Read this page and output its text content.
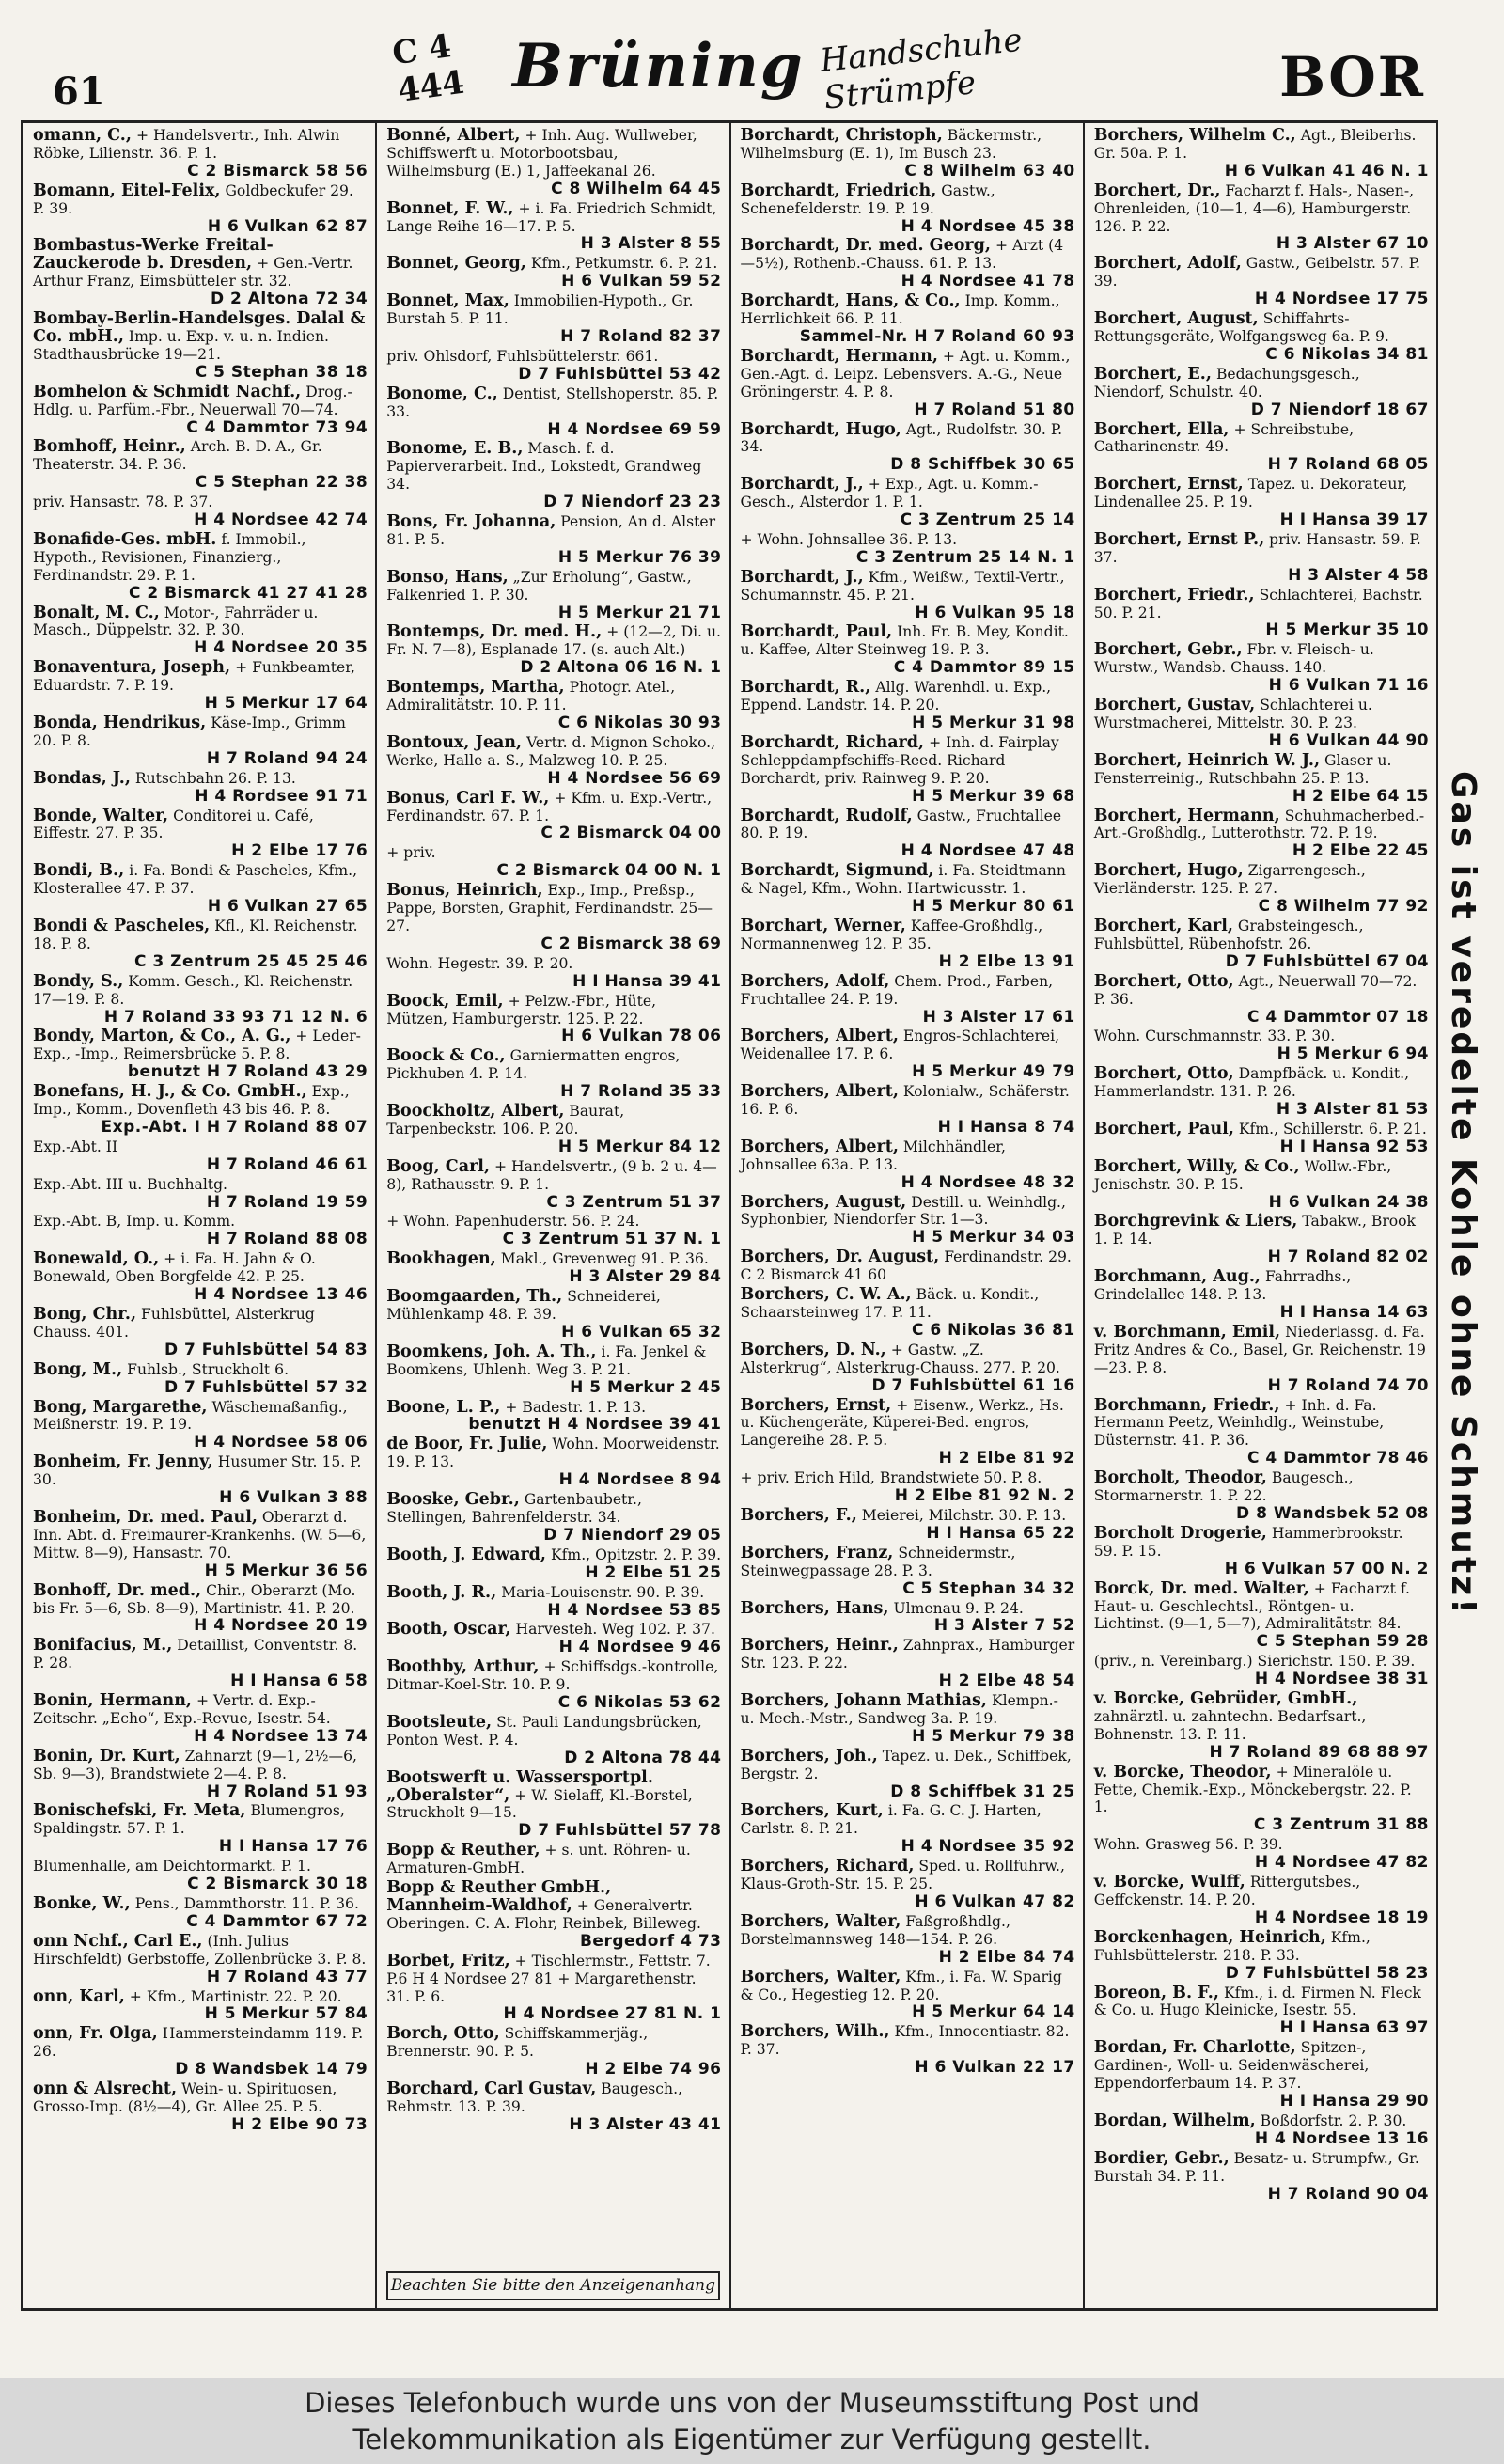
61
C 4 444 Brüning Handschuhe Strümpfe	BOR
omann, C., + Handelsvertr., Inh. Alwin Röbke, Lilienstr. 36. P. 1.
C 2 Bismarck 58 56
Bomann, Eitel-Felix, Goldbeckufer 29. P. 39.
H 6 Vulkan 62 87
Bombastus-Werke Freital-Zauckerode b. Dresden, + Gen.-Vertr. Arthur Franz, Eimsbütteler str. 32.
D 2 Altona 72 34
Bombay-Berlin-Handelsges. Dalal & Co. mbH., Imp. u. Exp. v. u. n. Indien. Stadthausbrücke 19—21.
C 5 Stephan 38 18
Bomhelon & Schmidt Nachf., Drog.-Hdlg. u. Parfüm.-Fbr., Neuerwall 70—74.
C 4 Dammtor 73 94
Bomhoff, Heinr., Arch. B. D. A., Gr. Theaterstr. 34. P. 36.
C 5 Stephan 22 38
priv. Hansastr. 78. P. 37.
H 4 Nordsee 42 74
Bonafide-Ges. mbH. f. Immobil., Hypoth., Revisionen, Finanzierg., Ferdinandstr. 29. P. 1.
C 2 Bismarck 41 27 41 28
Bonalt, M. C., Motor-, Fahrräder u. Masch., Düppelstr. 32. P. 30.
H 4 Nordsee 20 35
Bonaventura, Joseph, + Funkbeamter, Eduardstr. 7. P. 19.
H 5 Merkur 17 64
Bonda, Hendrikus, Käse-Imp., Grimm 20. P. 8.
H 7 Roland 94 24
Bondas, J., Rutschbahn 26. P. 13.
H 4 Rordsee 91 71
Bonde, Walter, Conditorei u. Café, Eiffestr. 27. P. 35.
H 2 Elbe 17 76
Bondi, B., i. Fa. Bondi & Pascheles, Kfm., Klosterallee 47. P. 37.
H 6 Vulkan 27 65
Bondi & Pascheles, Kfl., Kl. Reichenstr. 18. P. 8.
C 3 Zentrum 25 45 25 46
Bondy, S., Komm. Gesch., Kl. Reichenstr. 17—19. P. 8.
H 7 Roland 33 93 71 12 N. 6
Bondy, Marton, & Co., A. G., + Leder-Exp., -Imp., Reimersbrücke 5. P. 8.
benutzt H 7 Roland 43 29
Bonefans, H. J., & Co. GmbH., Exp., Imp., Komm., Dovenfleth 43 bis 46. P. 8.
Exp.-Abt. I H 7 Roland 88 07
Exp.-Abt. II
H 7 Roland 46 61
Exp.-Abt. III u. Buchhaltg.
H 7 Roland 19 59
Exp.-Abt. B, Imp. u. Komm.
H 7 Roland 88 08
Bonewald, O., + i. Fa. H. Jahn & O. Bonewald, Oben Borgfelde 42. P. 25.
H 4 Nordsee 13 46
Bong, Chr., Fuhlsbüttel, Alsterkrug Chauss. 401.
D 7 Fuhlsbüttel 54 83
Bong, M., Fuhlsb., Struckholt 6.
D 7 Fuhlsbüttel 57 32
Bong, Margarethe, Wäschemaßanfig., Meißnerstr. 19. P. 19.
H 4 Nordsee 58 06
Bonheim, Fr. Jenny, Husumer Str. 15. P. 30.
H 6 Vulkan 3 88
Bonheim, Dr. med. Paul, Oberarzt d. Inn. Abt. d. Freimaurer-Krankenhs. (W. 5—6, Mittw. 8—9), Hansastr. 70.
H 5 Merkur 36 56
Bonhoff, Dr. med., Chir., Oberarzt (Mo. bis Fr. 5—6, Sb. 8—9), Martinistr. 41. P. 20.
H 4 Nordsee 20 19
Bonifacius, M., Detaillist, Conventstr. 8. P. 28.
H I Hansa 6 58
Bonin, Hermann, + Vertr. d. Exp.-Zeitschr. „Echo“, Exp.-Revue, Isestr. 54.
H 4 Nordsee 13 74
Bonin, Dr. Kurt, Zahnarzt (9—1, 2½—6, Sb. 9—3), Brandstwiete 2—4. P. 8.
H 7 Roland 51 93
Bonischefski, Fr. Meta, Blumengros, Spaldingstr. 57. P. 1.
H I Hansa 17 76
Blumenhalle, am Deichtormarkt. P. 1.
C 2 Bismarck 30 18
Bonke, W., Pens., Dammthorstr. 11. P. 36.
C 4 Dammtor 67 72
onn Nchf., Carl E., (Inh. Julius Hirschfeldt) Gerbstoffe, Zollenbrücke 3. P. 8.
H 7 Roland 43 77
onn, Karl, + Kfm., Martinistr. 22. P. 20.
H 5 Merkur 57 84
onn, Fr. Olga, Hammersteindamm 119. P. 26.
D 8 Wandsbek 14 79
onn & Alsrecht, Wein- u. Spirituosen, Grosso-Imp. (8½—4), Gr. Allee 25. P. 5.
H 2 Elbe 90 73
Bonné, Albert, + Inh. Aug. Wullweber, Schiffswerft u. Motorbootsbau, Wilhelmsburg (E.) 1, Jaffeekanal 26.
C 8 Wilhelm 64 45
Bonnet, F. W., + i. Fa. Friedrich Schmidt, Lange Reihe 16—17. P. 5.
H 3 Alster 8 55
Bonnet, Georg, Kfm., Petkumstr. 6. P. 21.
H 6 Vulkan 59 52
Bonnet, Max, Immobilien-Hypoth., Gr. Burstah 5. P. 11.
H 7 Roland 82 37
priv. Ohlsdorf, Fuhlsbüttelerstr. 661.
D 7 Fuhlsbüttel 53 42
Bonome, C., Dentist, Stellshoperstr. 85. P. 33.
H 4 Nordsee 69 59
Bonome, E. B., Masch. f. d. Papierverarbeit. Ind., Lokstedt, Grandweg 34.
D 7 Niendorf 23 23
Bons, Fr. Johanna, Pension, An d. Alster 81. P. 5.
H 5 Merkur 76 39
Bonso, Hans, „Zur Erholung“, Gastw., Falkenried 1. P. 30.
H 5 Merkur 21 71
Bontemps, Dr. med. H., + (12—2, Di. u. Fr. N. 7—8), Esplanade 17. (s. auch Alt.)
D 2 Altona 06 16 N. 1
Bontemps, Martha, Photogr. Atel., Admiralitätstr. 10. P. 11.
C 6 Nikolas 30 93
Bontoux, Jean, Vertr. d. Mignon Schoko., Werke, Halle a. S., Malzweg 10. P. 25.
H 4 Nordsee 56 69
Bonus, Carl F. W., + Kfm. u. Exp.-Vertr., Ferdinandstr. 67. P. 1.
C 2 Bismarck 04 00
+ priv.
C 2 Bismarck 04 00 N. 1
Bonus, Heinrich, Exp., Imp., Preßsp., Pappe, Borsten, Graphit, Ferdinandstr. 25—27.
C 2 Bismarck 38 69
Wohn. Hegestr. 39. P. 20.
H I Hansa 39 41
Boock, Emil, + Pelzw.-Fbr., Hüte, Mützen, Hamburgerstr. 125. P. 22.
H 6 Vulkan 78 06
Boock & Co., Garniermatten engros, Pickhuben 4. P. 14.
H 7 Roland 35 33
Boockholtz, Albert, Baurat, Tarpenbeckstr. 106. P. 20.
H 5 Merkur 84 12
Boog, Carl, + Handelsvertr., (9 b. 2 u. 4—8), Rathausstr. 9. P. 1.
C 3 Zentrum 51 37
+ Wohn. Papenhuderstr. 56. P. 24.
C 3 Zentrum 51 37 N. 1
Bookhagen, Makl., Grevenweg 91. P. 36.
H 3 Alster 29 84
Boomgaarden, Th., Schneiderei, Mühlenkamp 48. P. 39.
H 6 Vulkan 65 32
Boomkens, Joh. A. Th., i. Fa. Jenkel & Boomkens, Uhlenh. Weg 3. P. 21.
H 5 Merkur 2 45
Boone, L. P., + Badestr. 1. P. 13.
benutzt H 4 Nordsee 39 41
de Boor, Fr. Julie, Wohn. Moorweidenstr. 19. P. 13.
H 4 Nordsee 8 94
Booske, Gebr., Gartenbaubetr., Stellingen, Bahrenfelderstr. 34.
D 7 Niendorf 29 05
Booth, J. Edward, Kfm., Opitzstr. 2. P. 39.
H 2 Elbe 51 25
Booth, J. R., Maria-Louisenstr. 90. P. 39.
H 4 Nordsee 53 85
Booth, Oscar, Harvesteh. Weg 102. P. 37.
H 4 Nordsee 9 46
Boothby, Arthur, + Schiffsdgs.-kontrolle, Ditmar-Koel-Str. 10. P. 9.
C 6 Nikolas 53 62
Bootsleute, St. Pauli Landungsbrücken, Ponton West. P. 4.
D 2 Altona 78 44
Bootswerft u. Wassersportpl. „Oberalster“, + W. Sielaff, Kl.-Borstel, Struckholt 9—15.
D 7 Fuhlsbüttel 57 78
Bopp & Reuther, + s. unt. Röhren- u. Armaturen-GmbH.
Bopp & Reuther GmbH., Mannheim-Waldhof, + Generalvertr. Oberingen. C. A. Flohr, Reinbek, Billeweg.
Bergedorf 4 73
Borbet, Fritz, + Tischlermstr., Fettstr. 7. P.6 H 4 Nordsee 27 81 + Margarethenstr. 31. P. 6.
H 4 Nordsee 27 81 N. 1
Borch, Otto, Schiffskammerjäg., Brennerstr. 90. P. 5.
H 2 Elbe 74 96
Borchard, Carl Gustav, Baugesch., Rehmstr. 13. P. 39.
H 3 Alster 43 41
Beachten Sie bitte den Anzeigenanhang
Borchardt, Christoph, Bäckermstr., Wilhelmsburg (E. 1), Im Busch 23.
C 8 Wilhelm 63 40
Borchardt, Friedrich, Gastw., Schenefelderstr. 19. P. 19.
H 4 Nordsee 45 38
Borchardt, Dr. med. Georg, + Arzt (4—5½), Rothenb.-Chauss. 61. P. 13.
H 4 Nordsee 41 78
Borchardt, Hans, & Co., Imp. Komm., Herrlichkeit 66. P. 11.
Sammel-Nr. H 7 Roland 60 93
Borchardt, Hermann, + Agt. u. Komm., Gen.-Agt. d. Leipz. Lebensvers. A.-G., Neue Gröningerstr. 4. P. 8.
H 7 Roland 51 80
Borchardt, Hugo, Agt., Rudolfstr. 30. P. 34.
D 8 Schiffbek 30 65
Borchardt, J., + Exp., Agt. u. Komm.-Gesch., Alsterdor 1. P. 1.
C 3 Zentrum 25 14
+ Wohn. Johnsallee 36. P. 13.
C 3 Zentrum 25 14 N. 1
Borchardt, J., Kfm., Weißw., Textil-Vertr., Schumannstr. 45. P. 21.
H 6 Vulkan 95 18
Borchardt, Paul, Inh. Fr. B. Mey, Kondit. u. Kaffee, Alter Steinweg 19. P. 3.
C 4 Dammtor 89 15
Borchardt, R., Allg. Warenhdl. u. Exp., Eppend. Landstr. 14. P. 20.
H 5 Merkur 31 98
Borchardt, Richard, + Inh. d. Fairplay Schleppdampfschiffs-Reed. Richard Borchardt, priv. Rainweg 9. P. 20.
H 5 Merkur 39 68
Borchardt, Rudolf, Gastw., Fruchtallee 80. P. 19.
H 4 Nordsee 47 48
Borchardt, Sigmund, i. Fa. Steidtmann & Nagel, Kfm., Wohn. Hartwicusstr. 1.
H 5 Merkur 80 61
Borchart, Werner, Kaffee-Großhdlg., Normannenweg 12. P. 35.
H 2 Elbe 13 91
Borchers, Adolf, Chem. Prod., Farben, Fruchtallee 24. P. 19.
H 3 Alster 17 61
Borchers, Albert, Engros-Schlachterei, Weidenallee 17. P. 6.
H 5 Merkur 49 79
Borchers, Albert, Kolonialw., Schäferstr. 16. P. 6.
H I Hansa 8 74
Borchers, Albert, Milchhändler, Johnsallee 63a. P. 13.
H 4 Nordsee 48 32
Borchers, August, Destill. u. Weinhdlg., Syphonbier, Niendorfer Str. 1—3.
H 5 Merkur 34 03
Borchers, Dr. August, Ferdinandstr. 29. C 2 Bismarck 41 60
Borchers, C. W. A., Bäck. u. Kondit., Schaarsteinweg 17. P. 11.
C 6 Nikolas 36 81
Borchers, D. N., + Gastw. „Z. Alsterkrug“, Alsterkrug-Chauss. 277. P. 20.
D 7 Fuhlsbüttel 61 16
Borchers, Ernst, + Eisenw., Werkz., Hs. u. Küchengeräte, Küperei-Bed. engros, Langereihe 28. P. 5.
H 2 Elbe 81 92
+ priv. Erich Hild, Brandstwiete 50. P. 8.
H 2 Elbe 81 92 N. 2
Borchers, F., Meierei, Milchstr. 30. P. 13.
H I Hansa 65 22
Borchers, Franz, Schneidermstr., Steinwegpassage 28. P. 3.
C 5 Stephan 34 32
Borchers, Hans, Ulmenau 9. P. 24.
H 3 Alster 7 52
Borchers, Heinr., Zahnprax., Hamburger Str. 123. P. 22.
H 2 Elbe 48 54
Borchers, Johann Mathias, Klempn.- u. Mech.-Mstr., Sandweg 3a. P. 19.
H 5 Merkur 79 38
Borchers, Joh., Tapez. u. Dek., Schiffbek, Bergstr. 2.
D 8 Schiffbek 31 25
Borchers, Kurt, i. Fa. G. C. J. Harten, Carlstr. 8. P. 21.
H 4 Nordsee 35 92
Borchers, Richard, Sped. u. Rollfuhrw., Klaus-Groth-Str. 15. P. 25.
H 6 Vulkan 47 82
Borchers, Walter, Faßgroßhdlg., Borstelmannsweg 148—154. P. 26.
H 2 Elbe 84 74
Borchers, Walter, Kfm., i. Fa. W. Sparig & Co., Hegestieg 12. P. 20.
H 5 Merkur 64 14
Borchers, Wilh., Kfm., Innocentiastr. 82. P. 37.
H 6 Vulkan 22 17
Borchers, Wilhelm C., Agt., Bleiberhs. Gr. 50a. P. 1.
H 6 Vulkan 41 46 N. 1
Borchert, Dr., Facharzt f. Hals-, Nasen-, Ohrenleiden, (10—1, 4—6), Hamburgerstr. 126. P. 22.
H 3 Alster 67 10
Borchert, Adolf, Gastw., Geibelstr. 57. P. 39.
H 4 Nordsee 17 75
Borchert, August, Schiffahrts-Rettungsgeräte, Wolfgangsweg 6a. P. 9.
C 6 Nikolas 34 81
Borchert, E., Bedachungsgesch., Niendorf, Schulstr. 40.
D 7 Niendorf 18 67
Borchert, Ella, + Schreibstube, Catharinenstr. 49.
H 7 Roland 68 05
Borchert, Ernst, Tapez. u. Dekorateur, Lindenallee 25. P. 19.
H I Hansa 39 17
Borchert, Ernst P., priv. Hansastr. 59. P. 37.
H 3 Alster 4 58
Borchert, Friedr., Schlachterei, Bachstr. 50. P. 21.
H 5 Merkur 35 10
Borchert, Gebr., Fbr. v. Fleisch- u. Wurstw., Wandsb. Chauss. 140.
H 6 Vulkan 71 16
Borchert, Gustav, Schlachterei u. Wurstmacherei, Mittelstr. 30. P. 23.
H 6 Vulkan 44 90
Borchert, Heinrich W. J., Glaser u. Fensterreinig., Rutschbahn 25. P. 13.
H 2 Elbe 64 15
Borchert, Hermann, Schuhmacherbed.-Art.-Großhdlg., Lutterothstr. 72. P. 19.
H 2 Elbe 22 45
Borchert, Hugo, Zigarrengesch., Vierländerstr. 125. P. 27.
C 8 Wilhelm 77 92
Borchert, Karl, Grabsteingesch., Fuhlsbüttel, Rübenhofstr. 26.
D 7 Fuhlsbüttel 67 04
Borchert, Otto, Agt., Neuerwall 70—72. P. 36.
C 4 Dammtor 07 18
Wohn. Curschmannstr. 33. P. 30.
H 5 Merkur 6 94
Borchert, Otto, Dampfbäck. u. Kondit., Hammerlandstr. 131. P. 26.
H 3 Alster 81 53
Borchert, Paul, Kfm., Schillerstr. 6. P. 21.
H I Hansa 92 53
Borchert, Willy, & Co., Wollw.-Fbr., Jenischstr. 30. P. 15.
H 6 Vulkan 24 38
Borchgrevink & Liers, Tabakw., Brook 1. P. 14.
H 7 Roland 82 02
Borchmann, Aug., Fahrradhs., Grindelallee 148. P. 13.
H I Hansa 14 63
v. Borchmann, Emil, Niederlassg. d. Fa. Fritz Andres & Co., Basel, Gr. Reichenstr. 19—23. P. 8.
H 7 Roland 74 70
Borchmann, Friedr., + Inh. d. Fa. Hermann Peetz, Weinhdlg., Weinstube, Düsternstr. 41. P. 36.
C 4 Dammtor 78 46
Borcholt, Theodor, Baugesch., Stormarnerstr. 1. P. 22.
D 8 Wandsbek 52 08
Borcholt Drogerie, Hammerbrookstr. 59. P. 15.
H 6 Vulkan 57 00 N. 2
Borck, Dr. med. Walter, + Facharzt f. Haut- u. Geschlechtsl., Röntgen- u. Lichtinst. (9—1, 5—7), Admiralitätstr. 84.
C 5 Stephan 59 28
(priv., n. Vereinbarg.) Sierichstr. 150. P. 39.
H 4 Nordsee 38 31
v. Borcke, Gebrüder, GmbH., zahnärztl. u. zahntechn. Bedarfsart., Bohnenstr. 13. P. 11.
H 7 Roland 89 68 88 97
v. Borcke, Theodor, + Mineralöle u. Fette, Chemik.-Exp., Mönckebergstr. 22. P. 1.
C 3 Zentrum 31 88
Wohn. Grasweg 56. P. 39.
H 4 Nordsee 47 82
v. Borcke, Wulff, Rittergutsbes., Geffckenstr. 14. P. 20.
H 4 Nordsee 18 19
Borckenhagen, Heinrich, Kfm., Fuhlsbüttelerstr. 218. P. 33.
D 7 Fuhlsbüttel 58 23
Boreon, B. F., Kfm., i. d. Firmen N. Fleck & Co. u. Hugo Kleinicke, Isestr. 55.
H I Hansa 63 97
Bordan, Fr. Charlotte, Spitzen-, Gardinen-, Woll- u. Seidenwäscherei, Eppendorferbaum 14. P. 37.
H I Hansa 29 90
Bordan, Wilhelm, Boßdorfstr. 2. P. 30.
H 4 Nordsee 13 16
Bordier, Gebr., Besatz- u. Strumpfw., Gr. Burstah 34. P. 11.
H 7 Roland 90 04
Gas ist veredelte Kohle ohne Schmutz!
Dieses Telefonbuch wurde uns von der Museumsstiftung Post und
Telekommunikation als Eigentümer zur Verfügung gestellt.
